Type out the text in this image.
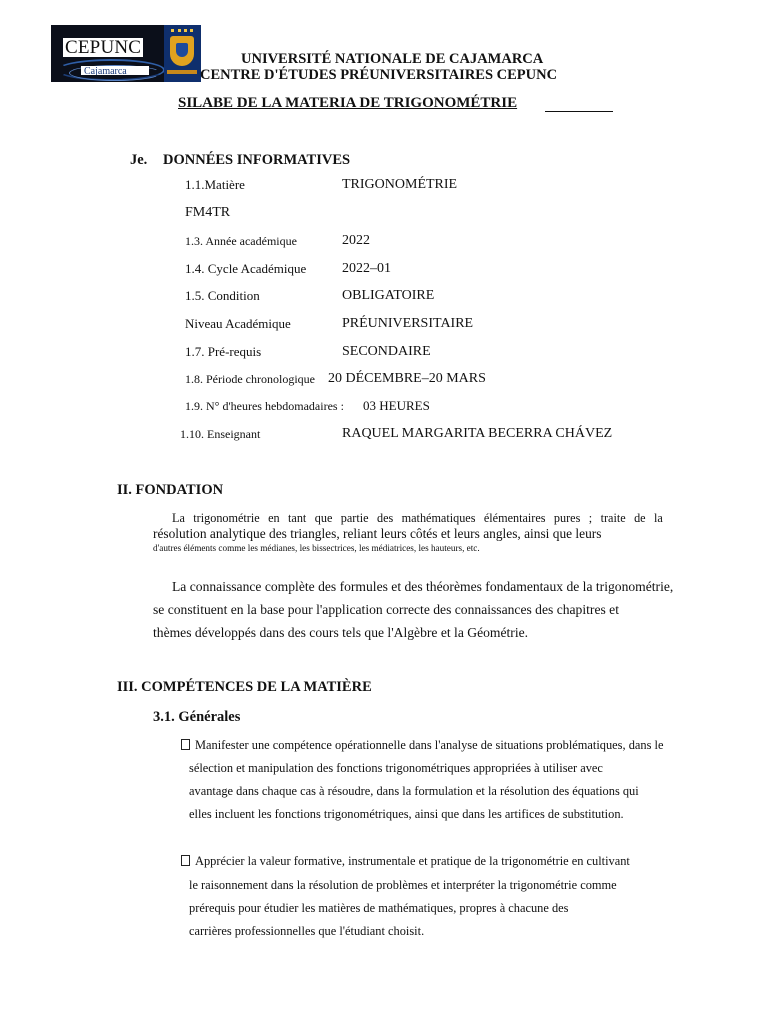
CEPUNC
Cajamarca
UNIVERSITÉ NATIONALE DE CAJAMARCA
CENTRE D'ÉTUDES PRÉUNIVERSITAIRES CEPUNC
SILABE DE LA MATERIA DE TRIGONOMÉTRIE
Je. DONNÉES INFORMATIVES
1.1.Matière	TRIGONOMÉTRIE
FM4TR
1.3. Année académique	2022
1.4. Cycle Académique	2022–01
1.5. Condition	OBLIGATOIRE
Niveau Académique	PRÉUNIVERSITAIRE
1.7. Pré-requis	SECONDAIRE
1.8. Période chronologique 20 DÉCEMBRE–20 MARS
1.9. N° d'heures hebdomadaires : 03 HEURES
1.10. Enseignant	RAQUEL MARGARITA BECERRA CHÁVEZ
II. FONDATION
La trigonométrie en tant que partie des mathématiques élémentaires pures ; traite de la
résolution analytique des triangles, reliant leurs côtés et leurs angles, ainsi que leurs
d'autres éléments comme les médianes, les bissectrices, les médiatrices, les hauteurs, etc.
La connaissance complète des formules et des théorèmes fondamentaux de la trigonométrie,
se constituent en la base pour l'application correcte des connaissances des chapitres et
thèmes développés dans des cours tels que l'Algèbre et la Géométrie.
III. COMPÉTENCES DE LA MATIÈRE
3.1. Générales
Manifester une compétence opérationnelle dans l'analyse de situations problématiques, dans le
sélection et manipulation des fonctions trigonométriques appropriées à utiliser avec
avantage dans chaque cas à résoudre, dans la formulation et la résolution des équations qui
elles incluent les fonctions trigonométriques, ainsi que dans les artifices de substitution.
Apprécier la valeur formative, instrumentale et pratique de la trigonométrie en cultivant
le raisonnement dans la résolution de problèmes et interpréter la trigonométrie comme
prérequis pour étudier les matières de mathématiques, propres à chacune des
carrières professionnelles que l'étudiant choisit.
